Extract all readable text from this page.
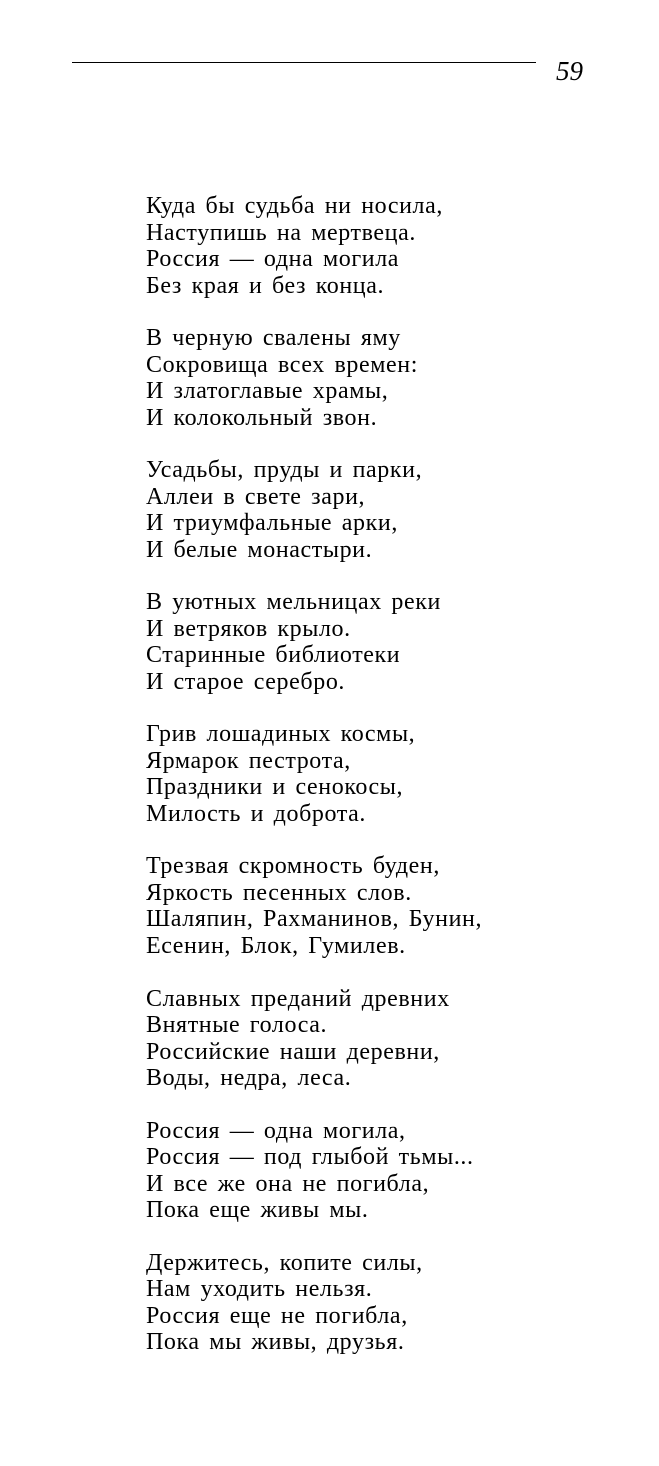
59
Куда бы судьба ни носила,
Наступишь на мертвеца.
Россия — одна могила
Без края и без конца.
В черную свалены яму
Сокровища всех времен:
И златоглавые храмы,
И колокольный звон.
Усадьбы, пруды и парки,
Аллеи в свете зари,
И триумфальные арки,
И белые монастыри.
В уютных мельницах реки
И ветряков крыло.
Старинные библиотеки
И старое серебро.
Грив лошадиных космы,
Ярмарок пестрота,
Праздники и сенокосы,
Милость и доброта.
Трезвая скромность буден,
Яркость песенных слов.
Шаляпин, Рахманинов, Бунин,
Есенин, Блок, Гумилев.
Славных преданий древних
Внятные голоса.
Российские наши деревни,
Воды, недра, леса.
Россия — одна могила,
Россия — под глыбой тьмы...
И все же она не погибла,
Пока еще живы мы.
Держитесь, копите силы,
Нам уходить нельзя.
Россия еще не погибла,
Пока мы живы, друзья.
